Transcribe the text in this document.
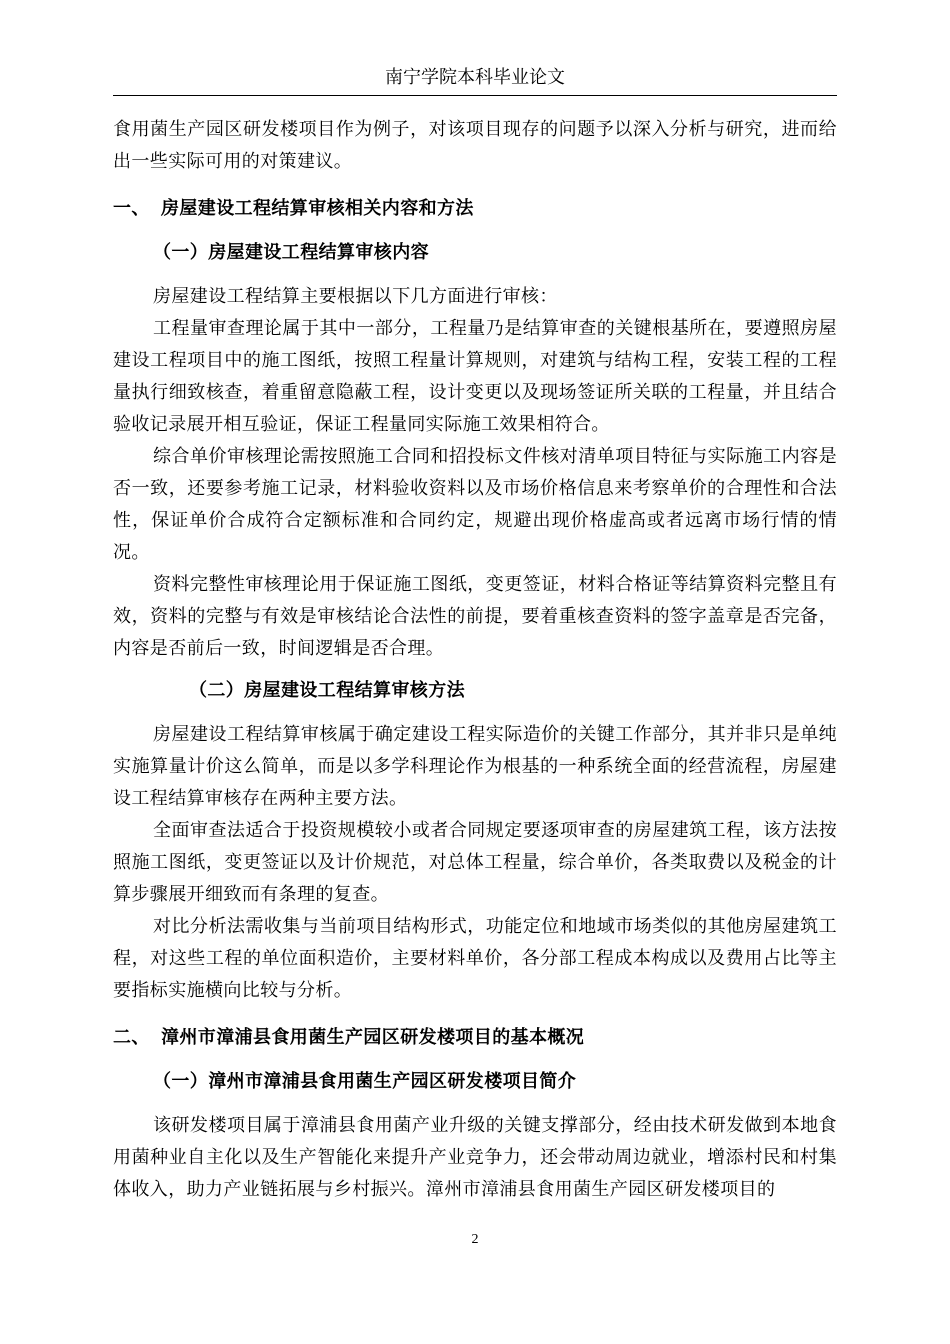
南宁学院本科毕业论文

食用菌生产园区研发楼项目作为例子，对该项目现存的问题予以深入分析与研究，进而给出一些实际可用的对策建议。

一、 房屋建设工程结算审核相关内容和方法

（一）房屋建设工程结算审核内容

房屋建设工程结算主要根据以下几方面进行审核：

工程量审查理论属于其中一部分，工程量乃是结算审查的关键根基所在，要遵照房屋建设工程项目中的施工图纸，按照工程量计算规则，对建筑与结构工程，安装工程的工程量执行细致核查，着重留意隐蔽工程，设计变更以及现场签证所关联的工程量，并且结合验收记录展开相互验证，保证工程量同实际施工效果相符合。

综合单价审核理论需按照施工合同和招投标文件核对清单项目特征与实际施工内容是否一致，还要参考施工记录，材料验收资料以及市场价格信息来考察单价的合理性和合法性，保证单价合成符合定额标准和合同约定，规避出现价格虚高或者远离市场行情的情况。

资料完整性审核理论用于保证施工图纸，变更签证，材料合格证等结算资料完整且有效，资料的完整与有效是审核结论合法性的前提，要着重核查资料的签字盖章是否完备，内容是否前后一致，时间逻辑是否合理。

（二）房屋建设工程结算审核方法

房屋建设工程结算审核属于确定建设工程实际造价的关键工作部分，其并非只是单纯实施算量计价这么简单，而是以多学科理论作为根基的一种系统全面的经营流程，房屋建设工程结算审核存在两种主要方法。

全面审查法适合于投资规模较小或者合同规定要逐项审查的房屋建筑工程，该方法按照施工图纸，变更签证以及计价规范，对总体工程量，综合单价，各类取费以及税金的计算步骤展开细致而有条理的复查。

对比分析法需收集与当前项目结构形式，功能定位和地域市场类似的其他房屋建筑工程，对这些工程的单位面积造价，主要材料单价，各分部工程成本构成以及费用占比等主要指标实施横向比较与分析。

二、 漳州市漳浦县食用菌生产园区研发楼项目的基本概况

（一）漳州市漳浦县食用菌生产园区研发楼项目简介

该研发楼项目属于漳浦县食用菌产业升级的关键支撑部分，经由技术研发做到本地食用菌种业自主化以及生产智能化来提升产业竞争力，还会带动周边就业，增添村民和村集体收入，助力产业链拓展与乡村振兴。漳州市漳浦县食用菌生产园区研发楼项目的

2
